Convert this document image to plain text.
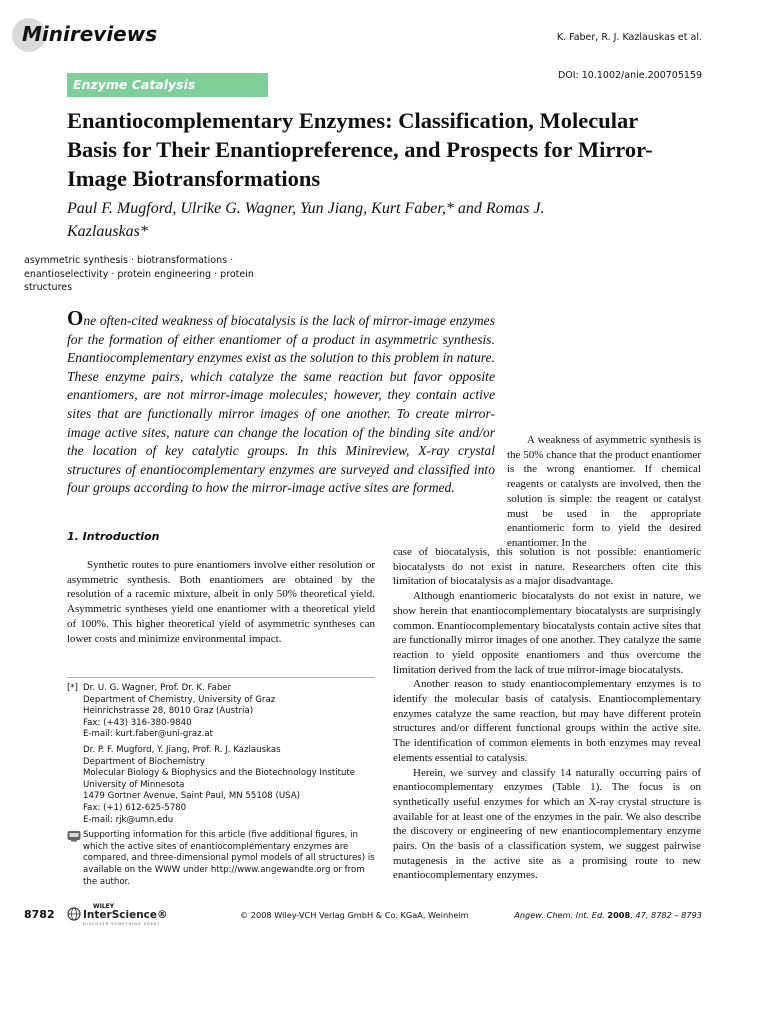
Minireviews	K. Faber, R. J. Kazlauskas et al.
DOI: 10.1002/anie.200705159
Enzyme Catalysis
Enantiocomplementary Enzymes: Classification, Molecular Basis for Their Enantiopreference, and Prospects for Mirror-Image Biotransformations
Paul F. Mugford, Ulrike G. Wagner, Yun Jiang, Kurt Faber,* and Romas J. Kazlauskas*
asymmetric synthesis · biotransformations · enantioselectivity · protein engineering · protein structures
One often-cited weakness of biocatalysis is the lack of mirror-image enzymes for the formation of either enantiomer of a product in asymmetric synthesis. Enantiocomplementary enzymes exist as the solution to this problem in nature. These enzyme pairs, which catalyze the same reaction but favor opposite enantiomers, are not mirror-image molecules; however, they contain active sites that are functionally mirror images of one another. To create mirror-image active sites, nature can change the location of the binding site and/or the location of key catalytic groups. In this Minireview, X-ray crystal structures of enantiocomplementary enzymes are surveyed and classified into four groups according to how the mirror-image active sites are formed.
1. Introduction

Synthetic routes to pure enantiomers involve either resolution or asymmetric synthesis. Both enantiomers are obtained by the resolution of a racemic mixture, albeit in only 50% theoretical yield. Asymmetric syntheses yield one enantiomer with a theoretical yield of 100%. This higher theoretical yield of asymmetric syntheses can lower costs and minimize environmental impact.

A weakness of asymmetric synthesis is the 50% chance that the product enantiomer is the wrong enantiomer. If chemical reagents or catalysts are involved, then the solution is simple: the reagent or catalyst must be used in the appropriate enantiomeric form to yield the desired enantiomer. In the

case of biocatalysis, this solution is not possible: enantiomeric biocatalysts do not exist in nature. Researchers often cite this limitation of biocatalysis as a major disadvantage.

Although enantiomeric biocatalysts do not exist in nature, we show herein that enantiocomplementary biocatalysts are surprisingly common. Enantiocomplementary biocatalysts contain active sites that are functionally mirror images of one another. They catalyze the same reaction to yield opposite enantiomers and thus overcome the limitation derived from the lack of true mirror-image biocatalysts.

Another reason to study enantiocomplementary enzymes is to identify the molecular basis of catalysis. Enantiocomplementary enzymes catalyze the same reaction, but may have different protein structures and/or different functional groups within the active site. The identification of common elements in both enzymes may reveal elements essential to catalysis.

Herein, we survey and classify 14 naturally occurring pairs of enantiocomplementary enzymes (Table 1). The focus is on synthetically useful enzymes for which an X-ray crystal structure is available for at least one of the enzymes in the pair. We also describe the discovery or engineering of new enantiocomplementary enzyme pairs. On the basis of a classification system, we suggest pairwise mutagenesis in the active site as a promising route to new enantiocomplementary enzymes.

[*] Dr. U. G. Wagner, Prof. Dr. K. Faber
Department of Chemistry, University of Graz
Heinrichstrasse 28, 8010 Graz (Austria)
Fax: (+43) 316-380-9840
E-mail: kurt.faber@uni-graz.at
Dr. P. F. Mugford, Y. Jiang, Prof. R. J. Kazlauskas
Department of Biochemistry
Molecular Biology & Biophysics and the Biotechnology Institute
University of Minnesota
1479 Gortner Avenue, Saint Paul, MN 55108 (USA)
Fax: (+1) 612-625-5780
E-mail: rjk@umn.edu
Supporting information for this article (five additional figures, in which the active sites of enantiocomplementary enzymes are compared, and three-dimensional pymol models of all structures) is available on the WWW under http://www.angewandte.org or from the author.
8782
WILEY
InterScience®
DISCOVER SOMETHING GREAT
© 2008 Wiley-VCH Verlag GmbH & Co. KGaA, Weinheim	Angew. Chem. Int. Ed. 2008, 47, 8782 – 8793
